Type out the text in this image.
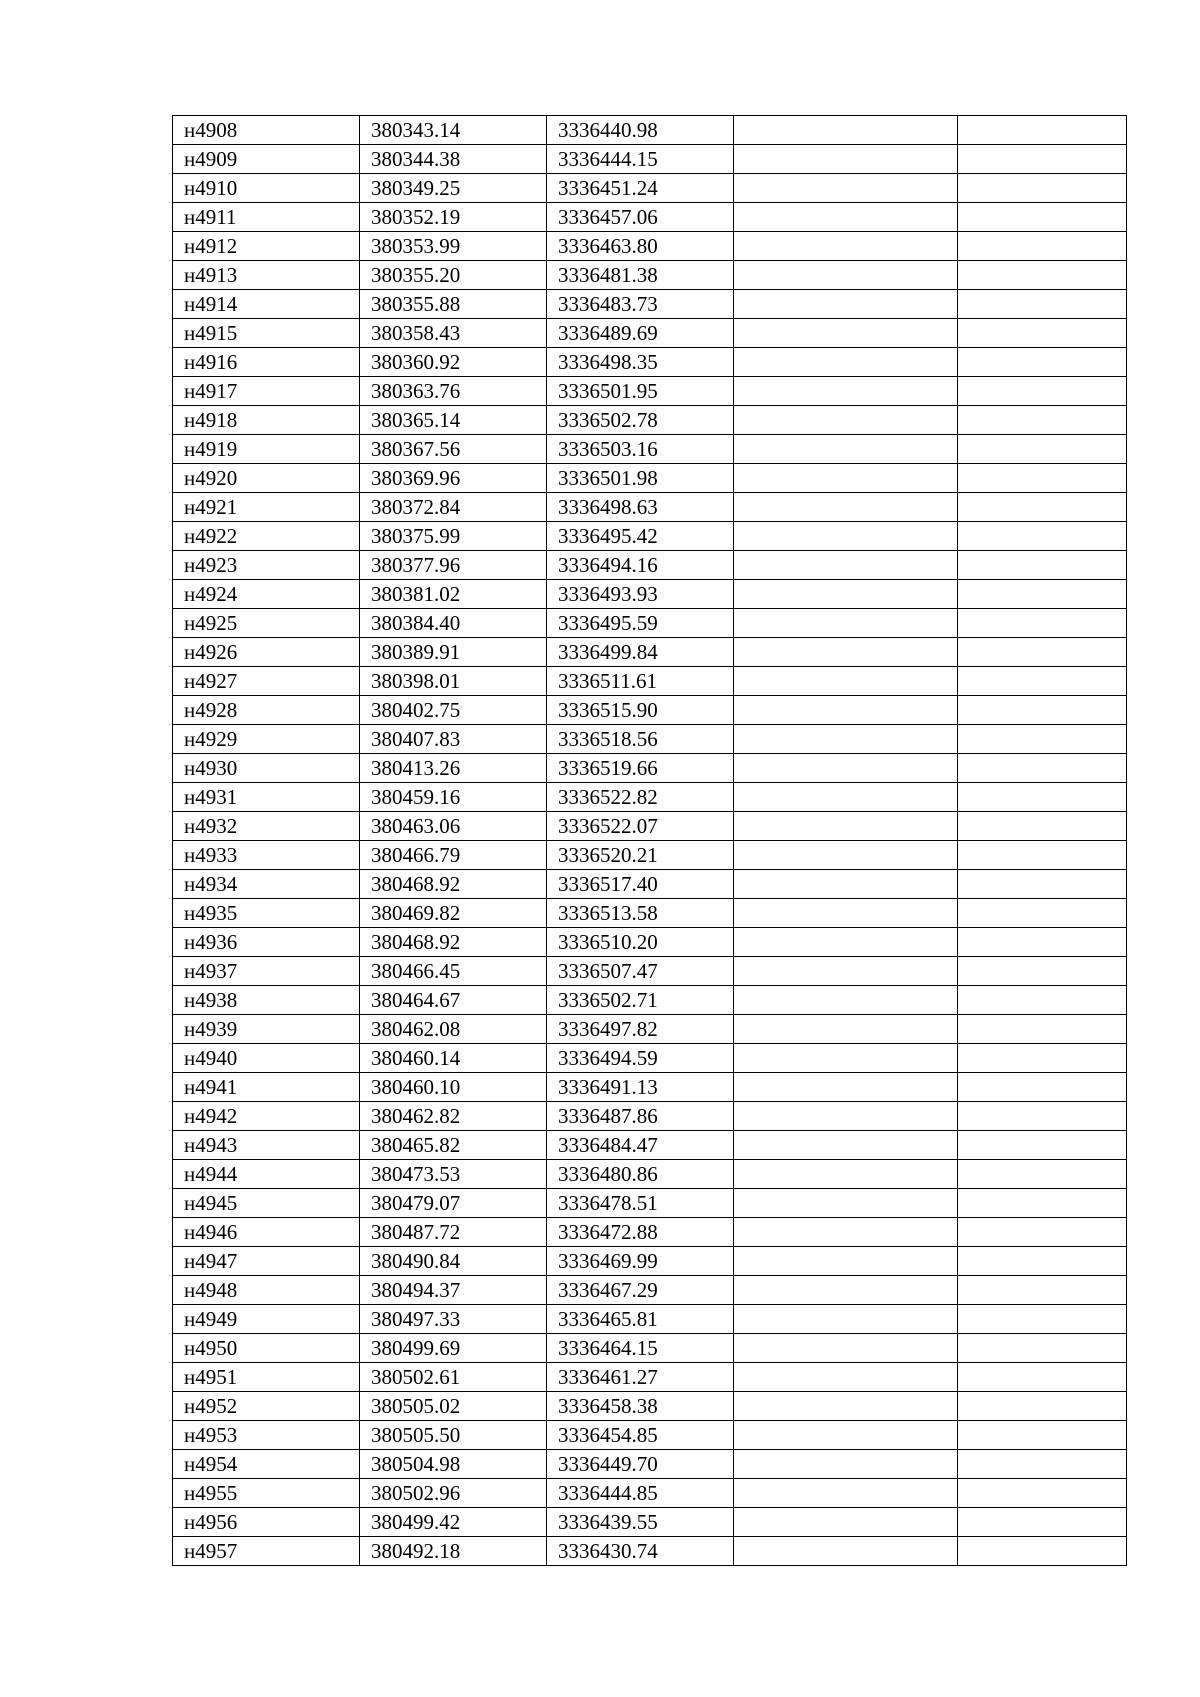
н4908	380343.14	3336440.98		
н4909	380344.38	3336444.15		
н4910	380349.25	3336451.24		
н4911	380352.19	3336457.06		
н4912	380353.99	3336463.80		
н4913	380355.20	3336481.38		
н4914	380355.88	3336483.73		
н4915	380358.43	3336489.69		
н4916	380360.92	3336498.35		
н4917	380363.76	3336501.95		
н4918	380365.14	3336502.78		
н4919	380367.56	3336503.16		
н4920	380369.96	3336501.98		
н4921	380372.84	3336498.63		
н4922	380375.99	3336495.42		
н4923	380377.96	3336494.16		
н4924	380381.02	3336493.93		
н4925	380384.40	3336495.59		
н4926	380389.91	3336499.84		
н4927	380398.01	3336511.61		
н4928	380402.75	3336515.90		
н4929	380407.83	3336518.56		
н4930	380413.26	3336519.66		
н4931	380459.16	3336522.82		
н4932	380463.06	3336522.07		
н4933	380466.79	3336520.21		
н4934	380468.92	3336517.40		
н4935	380469.82	3336513.58		
н4936	380468.92	3336510.20		
н4937	380466.45	3336507.47		
н4938	380464.67	3336502.71		
н4939	380462.08	3336497.82		
н4940	380460.14	3336494.59		
н4941	380460.10	3336491.13		
н4942	380462.82	3336487.86		
н4943	380465.82	3336484.47		
н4944	380473.53	3336480.86		
н4945	380479.07	3336478.51		
н4946	380487.72	3336472.88		
н4947	380490.84	3336469.99		
н4948	380494.37	3336467.29		
н4949	380497.33	3336465.81		
н4950	380499.69	3336464.15		
н4951	380502.61	3336461.27		
н4952	380505.02	3336458.38		
н4953	380505.50	3336454.85		
н4954	380504.98	3336449.70		
н4955	380502.96	3336444.85		
н4956	380499.42	3336439.55		
н4957	380492.18	3336430.74		
